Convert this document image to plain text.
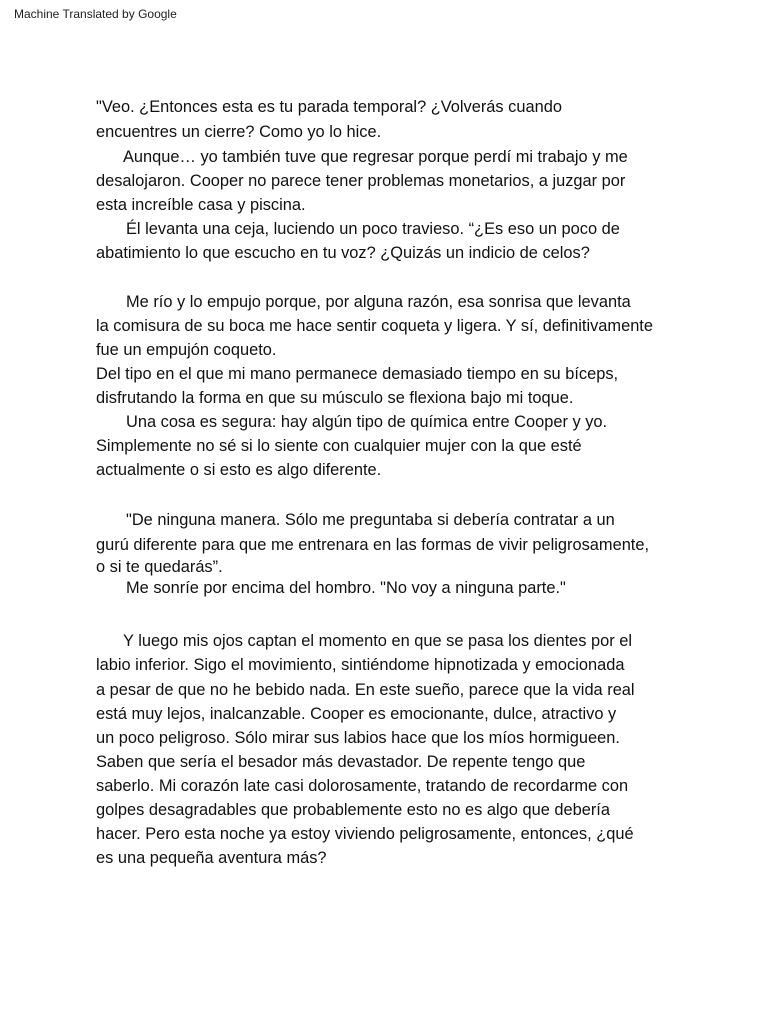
Machine Translated by Google
"Veo. ¿Entonces esta es tu parada temporal? ¿Volverás cuando
encuentres un cierre? Como yo lo hice.
Aunque… yo también tuve que regresar porque perdí mi trabajo y me
desalojaron. Cooper no parece tener problemas monetarios, a juzgar por
esta increíble casa y piscina.
Él levanta una ceja, luciendo un poco travieso. “¿Es eso un poco de
abatimiento lo que escucho en tu voz? ¿Quizás un indicio de celos?
Me río y lo empujo porque, por alguna razón, esa sonrisa que levanta
la comisura de su boca me hace sentir coqueta y ligera. Y sí, definitivamente
fue un empujón coqueto.
Del tipo en el que mi mano permanece demasiado tiempo en su bíceps,
disfrutando la forma en que su músculo se flexiona bajo mi toque.
Una cosa es segura: hay algún tipo de química entre Cooper y yo.
Simplemente no sé si lo siente con cualquier mujer con la que esté
actualmente o si esto es algo diferente.
"De ninguna manera. Sólo me preguntaba si debería contratar a un
gurú diferente para que me entrenara en las formas de vivir peligrosamente,
o si te quedarás”.
Me sonríe por encima del hombro. "No voy a ninguna parte."
Y luego mis ojos captan el momento en que se pasa los dientes por el
labio inferior. Sigo el movimiento, sintiéndome hipnotizada y emocionada
a pesar de que no he bebido nada. En este sueño, parece que la vida real
está muy lejos, inalcanzable. Cooper es emocionante, dulce, atractivo y
un poco peligroso. Sólo mirar sus labios hace que los míos hormigueen.
Saben que sería el besador más devastador. De repente tengo que
saberlo. Mi corazón late casi dolorosamente, tratando de recordarme con
golpes desagradables que probablemente esto no es algo que debería
hacer. Pero esta noche ya estoy viviendo peligrosamente, entonces, ¿qué
es una pequeña aventura más?
